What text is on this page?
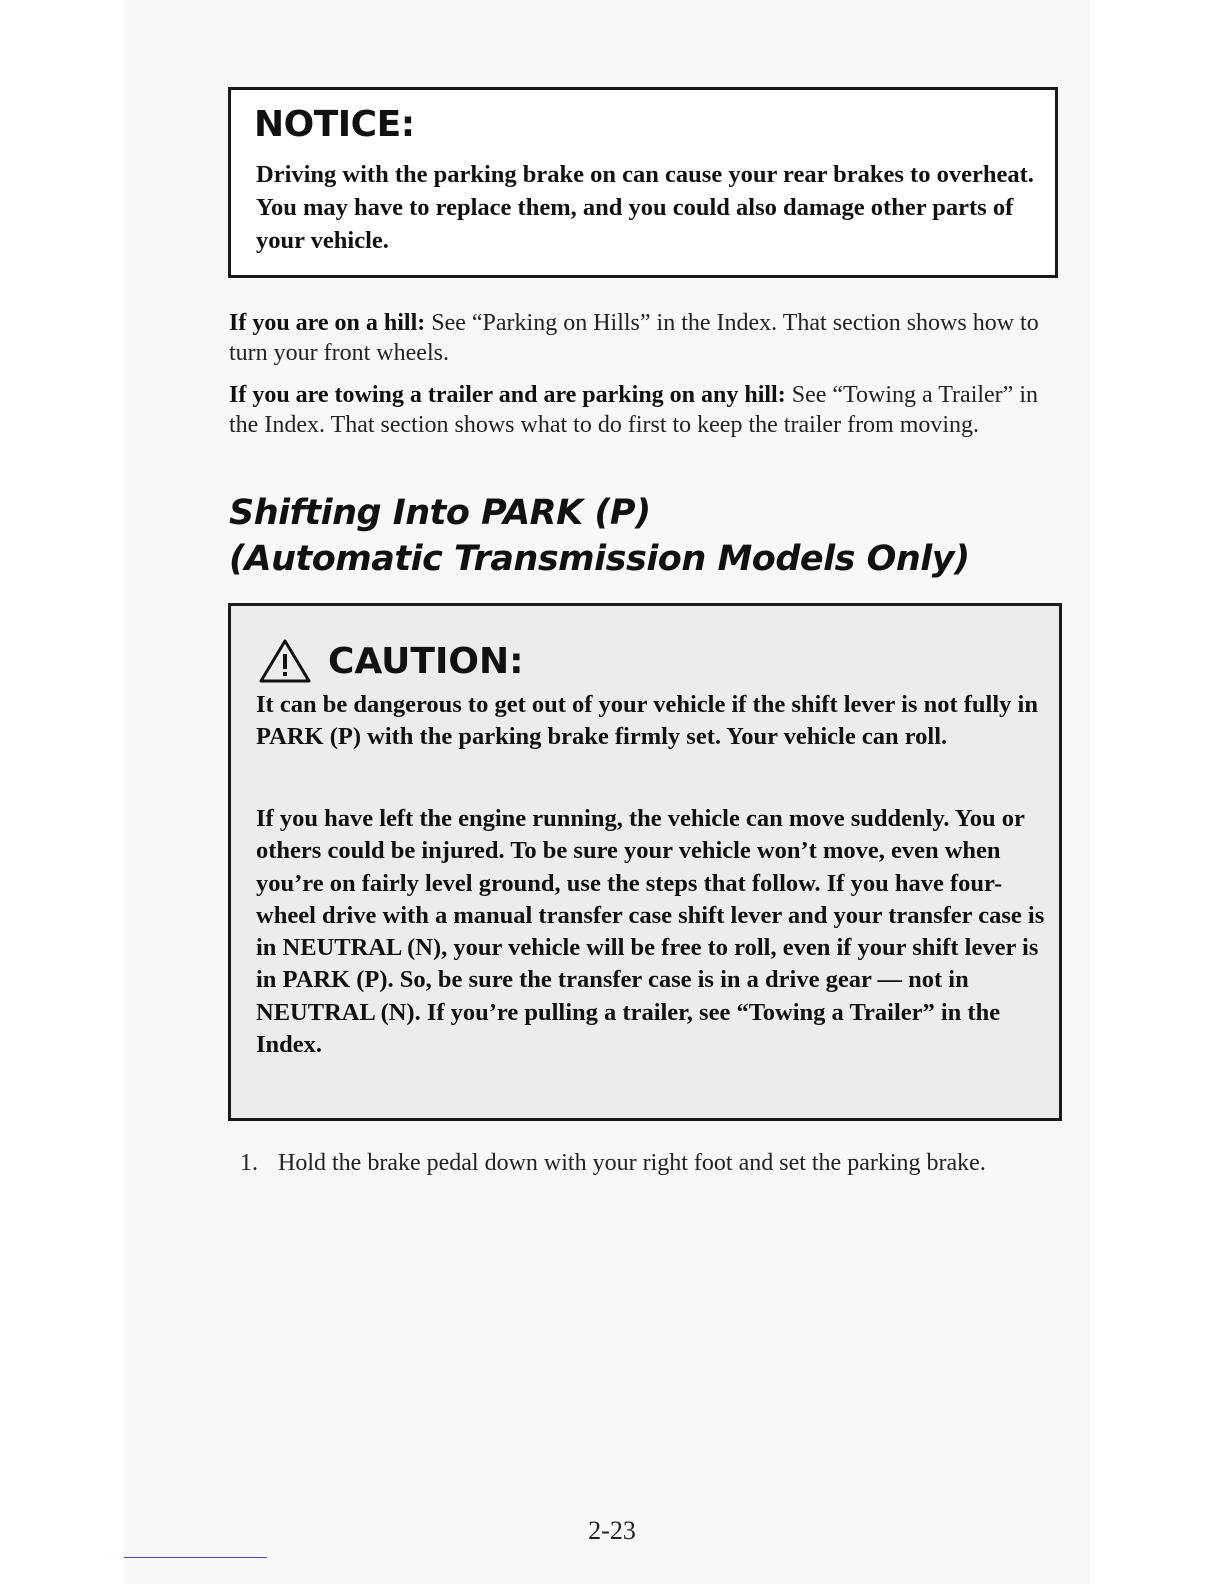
NOTICE:

Driving with the parking brake on can cause your rear brakes to overheat. You may have to replace them, and you could also damage other parts of your vehicle.

If you are on a hill: See “Parking on Hills” in the Index. That section shows how to turn your front wheels.

If you are towing a trailer and are parking on any hill: See “Towing a Trailer” in the Index. That section shows what to do first to keep the trailer from moving.

Shifting Into PARK (P)
(Automatic Transmission Models Only)
CAUTION:

It can be dangerous to get out of your vehicle if the shift lever is not fully in PARK (P) with the parking brake firmly set. Your vehicle can roll.

If you have left the engine running, the vehicle can move suddenly. You or others could be injured. To be sure your vehicle won’t move, even when you’re on fairly level ground, use the steps that follow. If you have four-wheel drive with a manual transfer case shift lever and your transfer case is in NEUTRAL (N), your vehicle will be free to roll, even if your shift lever is in PARK (P). So, be sure the transfer case is in a drive gear — not in NEUTRAL (N). If you’re pulling a trailer, see “Towing a Trailer” in the Index.

1. Hold the brake pedal down with your right foot and set the parking brake.
2-23
